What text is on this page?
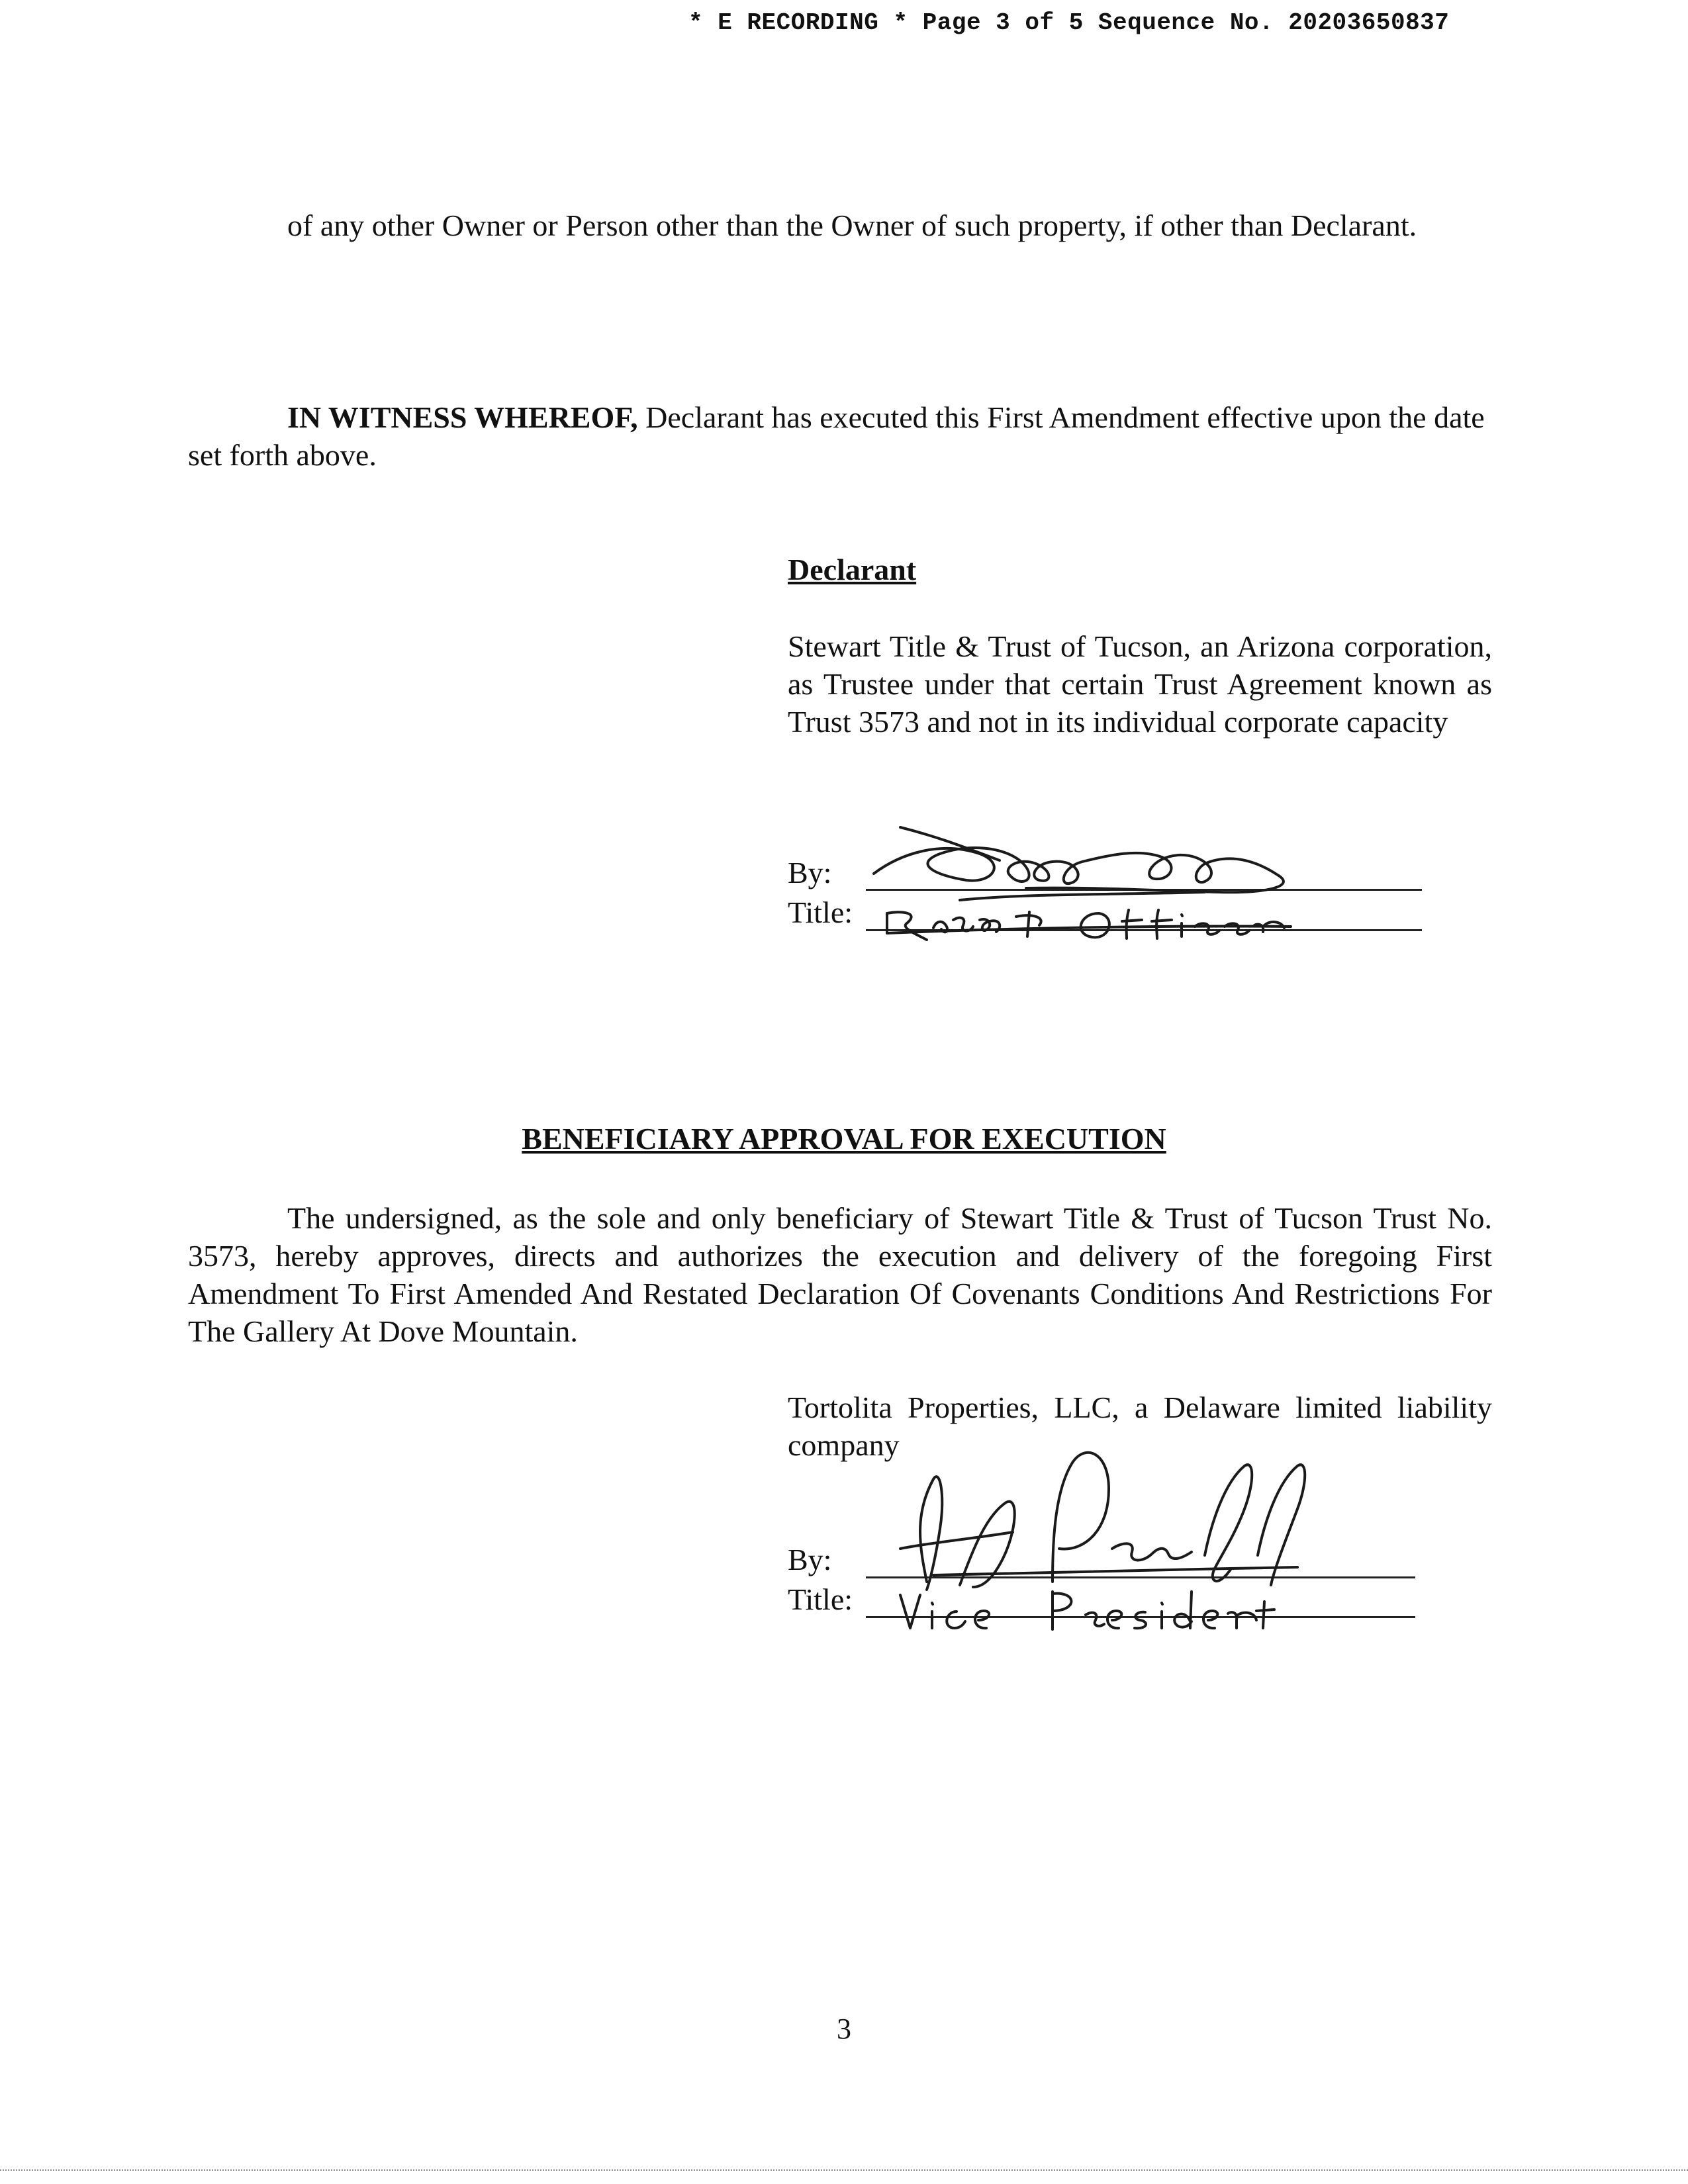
* E RECORDING * Page 3 of 5 Sequence No. 20203650837
of any other Owner or Person other than the Owner of such property, if other than Declarant.
IN WITNESS WHEREOF, Declarant has executed this First Amendment effective upon the date set forth above.
Declarant
Stewart Title & Trust of Tucson, an Arizona corporation, as Trustee under that certain Trust Agreement known as Trust 3573 and not in its individual corporate capacity
By:
Title:
BENEFICIARY APPROVAL FOR EXECUTION
The undersigned, as the sole and only beneficiary of Stewart Title & Trust of Tucson Trust No. 3573, hereby approves, directs and authorizes the execution and delivery of the foregoing First Amendment To First Amended And Restated Declaration Of Covenants Conditions And Restrictions For The Gallery At Dove Mountain.
Tortolita Properties, LLC, a Delaware limited liability company
By:
Title:
3
